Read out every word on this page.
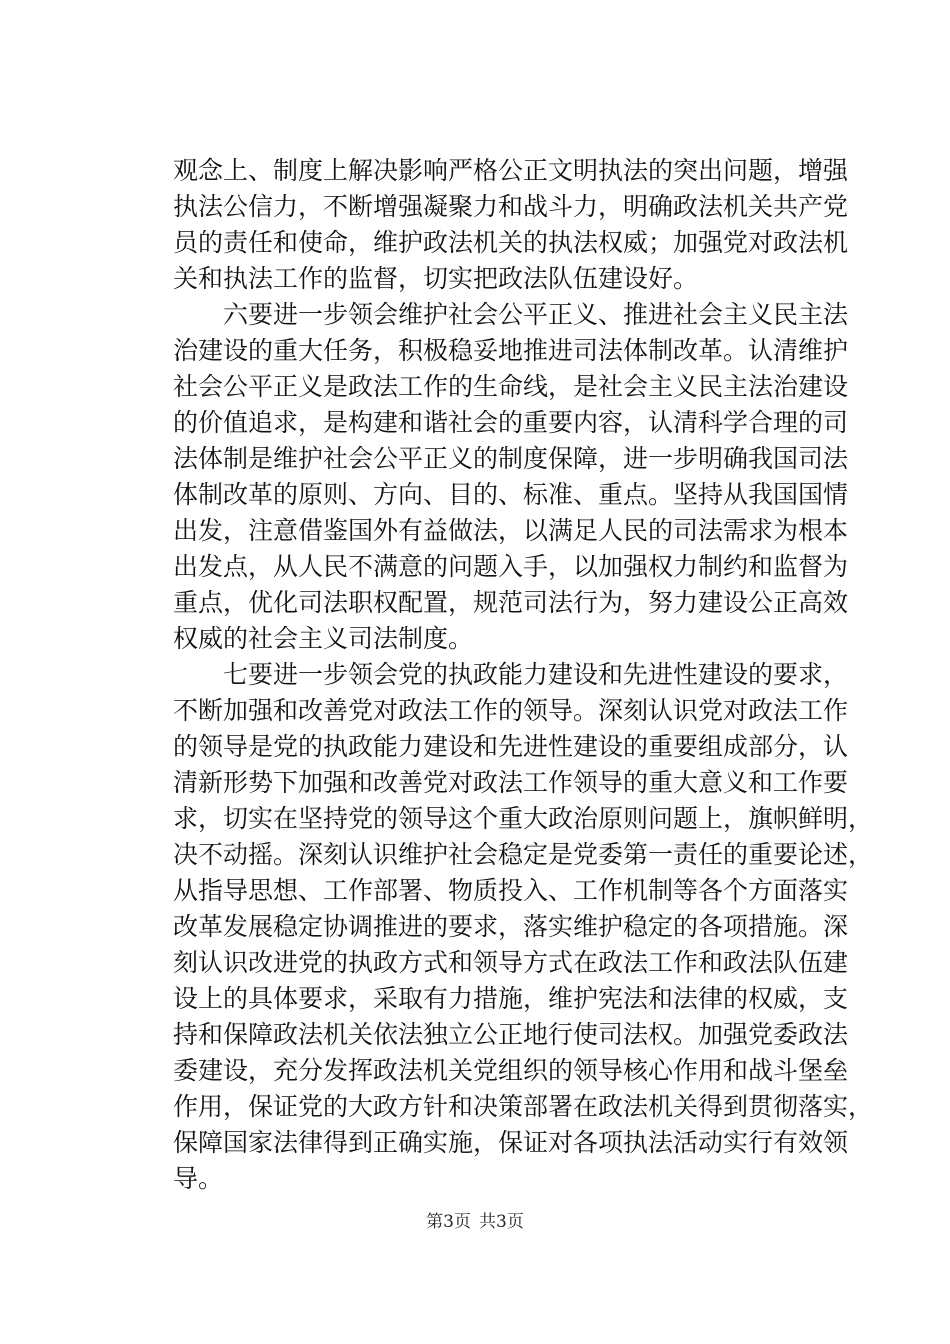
观念上、制度上解决影响严格公正文明执法的突出问题，增强
执法公信力，不断增强凝聚力和战斗力，明确政法机关共产党
员的责任和使命，维护政法机关的执法权威；加强党对政法机
关和执法工作的监督，切实把政法队伍建设好。
　　六要进一步领会维护社会公平正义、推进社会主义民主法
治建设的重大任务，积极稳妥地推进司法体制改革。认清维护
社会公平正义是政法工作的生命线，是社会主义民主法治建设
的价值追求，是构建和谐社会的重要内容，认清科学合理的司
法体制是维护社会公平正义的制度保障，进一步明确我国司法
体制改革的原则、方向、目的、标准、重点。坚持从我国国情
出发，注意借鉴国外有益做法，以满足人民的司法需求为根本
出发点，从人民不满意的问题入手，以加强权力制约和监督为
重点，优化司法职权配置，规范司法行为，努力建设公正高效
权威的社会主义司法制度。
　　七要进一步领会党的执政能力建设和先进性建设的要求，
不断加强和改善党对政法工作的领导。深刻认识党对政法工作
的领导是党的执政能力建设和先进性建设的重要组成部分，认
清新形势下加强和改善党对政法工作领导的重大意义和工作要
求，切实在坚持党的领导这个重大政治原则问题上，旗帜鲜明，
决不动摇。深刻认识维护社会稳定是党委第一责任的重要论述，
从指导思想、工作部署、物质投入、工作机制等各个方面落实
改革发展稳定协调推进的要求，落实维护稳定的各项措施。深
刻认识改进党的执政方式和领导方式在政法工作和政法队伍建
设上的具体要求，采取有力措施，维护宪法和法律的权威，支
持和保障政法机关依法独立公正地行使司法权。加强党委政法
委建设，充分发挥政法机关党组织的领导核心作用和战斗堡垒
作用，保证党的大政方针和决策部署在政法机关得到贯彻落实，
保障国家法律得到正确实施，保证对各项执法活动实行有效领
导。
第3页 共3页
